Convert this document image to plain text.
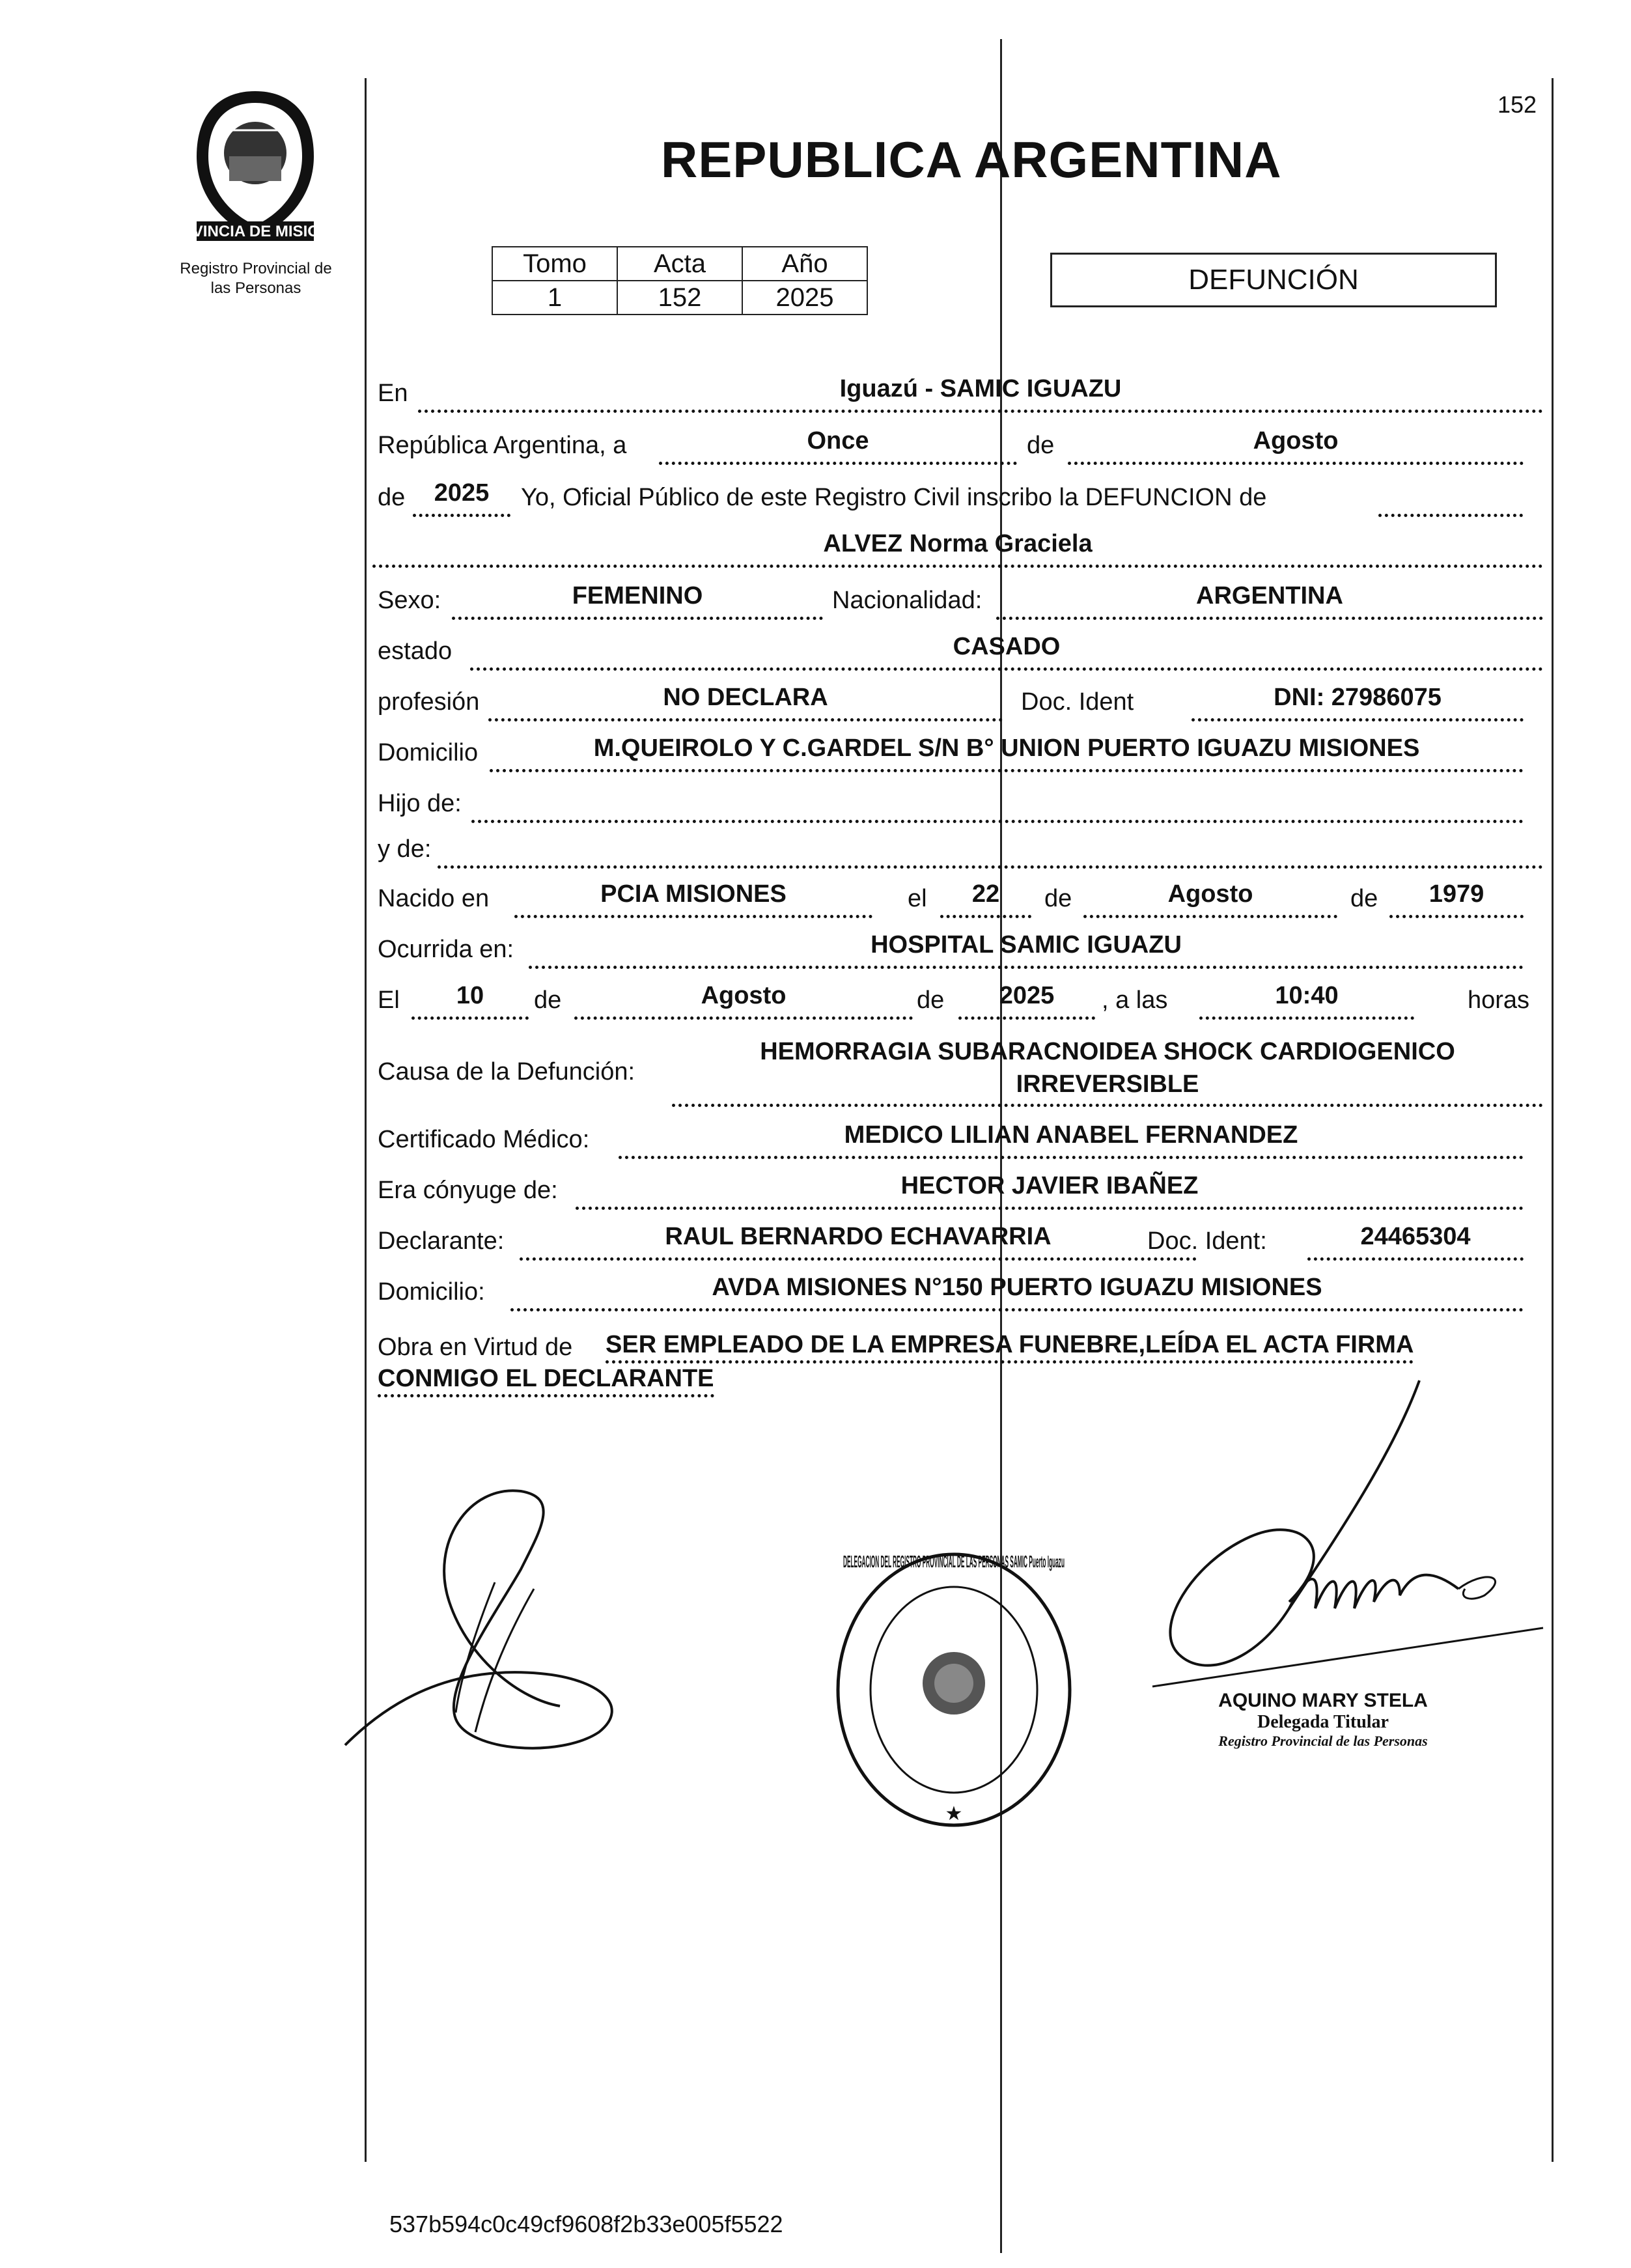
152
PROVINCIA DE MISIONES
Registro Provincial de
las Personas
REPUBLICA ARGENTINA
Tomo	Acta	Año
1	152	2025
DEFUNCIÓN
En	Iguazú - SAMIC IGUAZU
República Argentina, a	Once	de	Agosto
de	2025	Yo, Oficial Público de este Registro Civil inscribo la DEFUNCION de
ALVEZ Norma Graciela
Sexo:	FEMENINO	Nacionalidad:	ARGENTINA
estado	CASADO
profesión	NO DECLARA	Doc. Ident	DNI: 27986075
Domicilio	M.QUEIROLO Y C.GARDEL S/N B° UNION PUERTO IGUAZU MISIONES
Hijo de:
y de:
Nacido en	PCIA MISIONES	el	22	de	Agosto	de	1979
Ocurrida en:	HOSPITAL SAMIC IGUAZU
El	10	de	Agosto	de	2025	, a las	10:40	horas
Causa de la Defunción:
HEMORRAGIA SUBARACNOIDEA SHOCK CARDIOGENICO
IRREVERSIBLE
Certificado Médico:	MEDICO LILIAN ANABEL FERNANDEZ
Era cónyuge de:	HECTOR JAVIER IBAÑEZ
Declarante:	RAUL BERNARDO ECHAVARRIA	Doc. Ident:	24465304
Domicilio:	AVDA MISIONES N°150 PUERTO IGUAZU MISIONES
Obra en Virtud de SER EMPLEADO DE LA EMPRESA FUNEBRE,LEÍDA EL ACTA FIRMA
CONMIGO EL DECLARANTE
DELEGACION DEL REGISTRO PROVINCIAL DE LAS PERSONAS SAMIC Puerto Iguazu
★
AQUINO MARY STELA
Delegada Titular
Registro Provincial de las Personas
537b594c0c49cf9608f2b33e005f5522
